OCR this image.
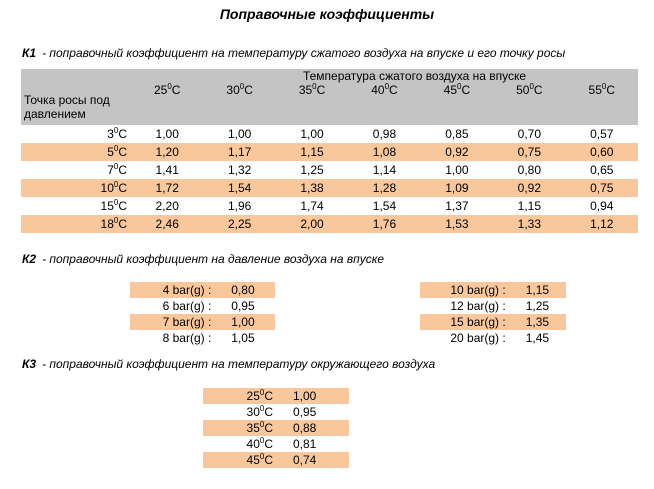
Поправочные коэффициенты
К1 - поправочный коэффициент на температуру сжатого воздуха на впуске и его точку росы
Точка росы под давлением	Температура сжатого воздуха на впуске						
	$25^0C$	$30^0C$	$35^0C$	$40^0C$	$45^0C$	$50^0C$	$55^0C$

$3^0C$	1,00	1,00	1,00	0,98	0,85	0,70	0,57
$5^0C$	1,20	1,17	1,15	1,08	0,92	0,75	0,60
$7^0C$	1,41	1,32	1,25	1,14	1,00	0,80	0,65
$10^0C$	1,72	1,54	1,38	1,28	1,09	0,92	0,75
$15^0C$	2,20	1,96	1,74	1,54	1,37	1,15	0,94
$18^0C$	2,46	2,25	2,00	1,76	1,53	1,33	1,12
К2 - поправочный коэффициент на давление воздуха на впуске
4 bar(g) :	0,80
6 bar(g) :	0,95
7 bar(g) :	1,00
8 bar(g) :	1,05
10 bar(g) :	1,15
12 bar(g) :	1,25
15 bar(g) :	1,35
20 bar(g) :	1,45
К3 - поправочный коэффициент на температуру окружающего воздуха
$25^0C$	1,00
$30^0C$	0,95
$35^0C$	0,88
$40^0C$	0,81
$45^0C$	0,74
